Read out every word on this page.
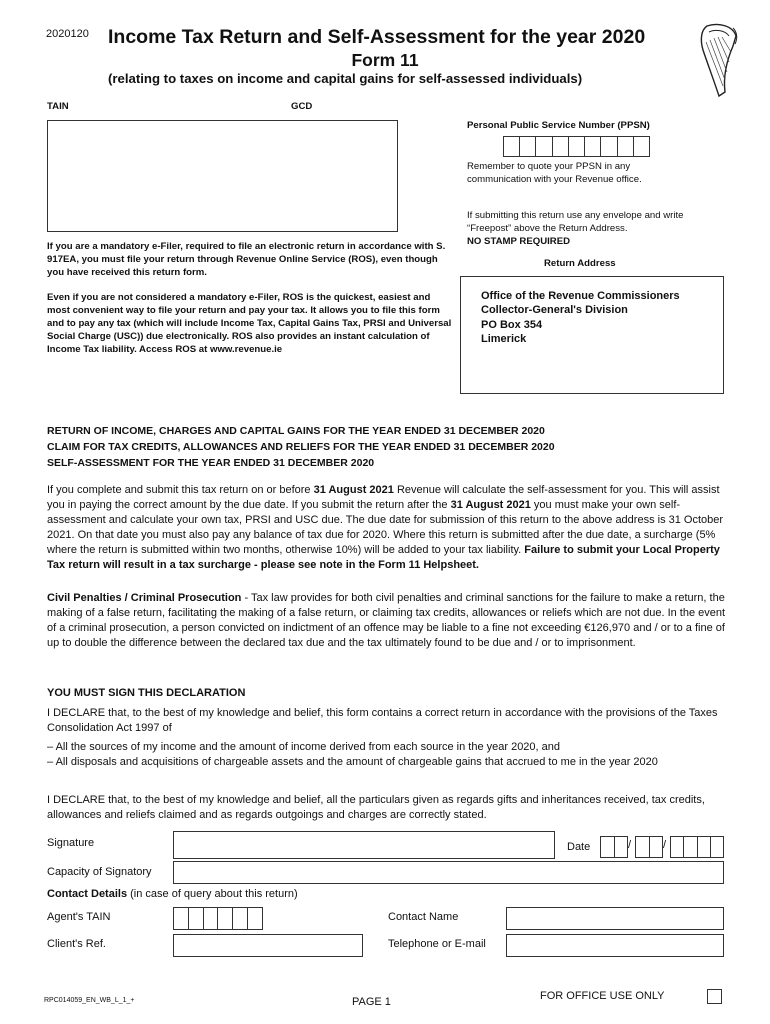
2020120 Income Tax Return and Self-Assessment for the year 2020
Form 11
(relating to taxes on income and capital gains for self-assessed individuals)
TAIN	GCD
If you are a mandatory e-Filer, required to file an electronic return in accordance with S. 917EA, you must file your return through Revenue Online Service (ROS), even though you have received this return form.
Even if you are not considered a mandatory e-Filer, ROS is the quickest, easiest and most convenient way to file your return and pay your tax. It allows you to file this form and to pay any tax (which will include Income Tax, Capital Gains Tax, PRSI and Universal Social Charge (USC)) due electronically. ROS also provides an instant calculation of Income Tax liability. Access ROS at www.revenue.ie
Personal Public Service Number (PPSN)
Remember to quote your PPSN in any communication with your Revenue office.
If submitting this return use any envelope and write “Freepost” above the Return Address.
NO STAMP REQUIRED
Return Address
Office of the Revenue Commissioners
Collector-General's Division
PO Box 354
Limerick
RETURN OF INCOME, CHARGES AND CAPITAL GAINS FOR THE YEAR ENDED 31 DECEMBER 2020
CLAIM FOR TAX CREDITS, ALLOWANCES AND RELIEFS FOR THE YEAR ENDED 31 DECEMBER 2020
SELF-ASSESSMENT FOR THE YEAR ENDED 31 DECEMBER 2020
If you complete and submit this tax return on or before 31 August 2021 Revenue will calculate the self-assessment for you. This will assist you in paying the correct amount by the due date. If you submit the return after the 31 August 2021 you must make your own self-assessment and calculate your own tax, PRSI and USC due. The due date for submission of this return to the above address is 31 October 2021. On that date you must also pay any balance of tax due for 2020. Where this return is submitted after the due date, a surcharge (5% where the return is submitted within two months, otherwise 10%) will be added to your tax liability. Failure to submit your Local Property Tax return will result in a tax surcharge - please see note in the Form 11 Helpsheet.
Civil Penalties / Criminal Prosecution - Tax law provides for both civil penalties and criminal sanctions for the failure to make a return, the making of a false return, facilitating the making of a false return, or claiming tax credits, allowances or reliefs which are not due. In the event of a criminal prosecution, a person convicted on indictment of an offence may be liable to a fine not exceeding €126,970 and / or to a fine of up to double the difference between the declared tax due and the tax ultimately found to be due and / or to imprisonment.
YOU MUST SIGN THIS DECLARATION
I DECLARE that, to the best of my knowledge and belief, this form contains a correct return in accordance with the provisions of the Taxes Consolidation Act 1997 of
– All the sources of my income and the amount of income derived from each source in the year 2020, and
– All disposals and acquisitions of chargeable assets and the amount of chargeable gains that accrued to me in the year 2020
I DECLARE that, to the best of my knowledge and belief, all the particulars given as regards gifts and inheritances received, tax credits, allowances and reliefs claimed and as regards outgoings and charges are correctly stated.
Signature	Date	/	/
Capacity of Signatory
Contact Details (in case of query about this return)
Agent's TAIN	Contact Name
Client's Ref.	Telephone or E-mail
RPC014059_EN_WB_L_1_+	PAGE 1	FOR OFFICE USE ONLY
